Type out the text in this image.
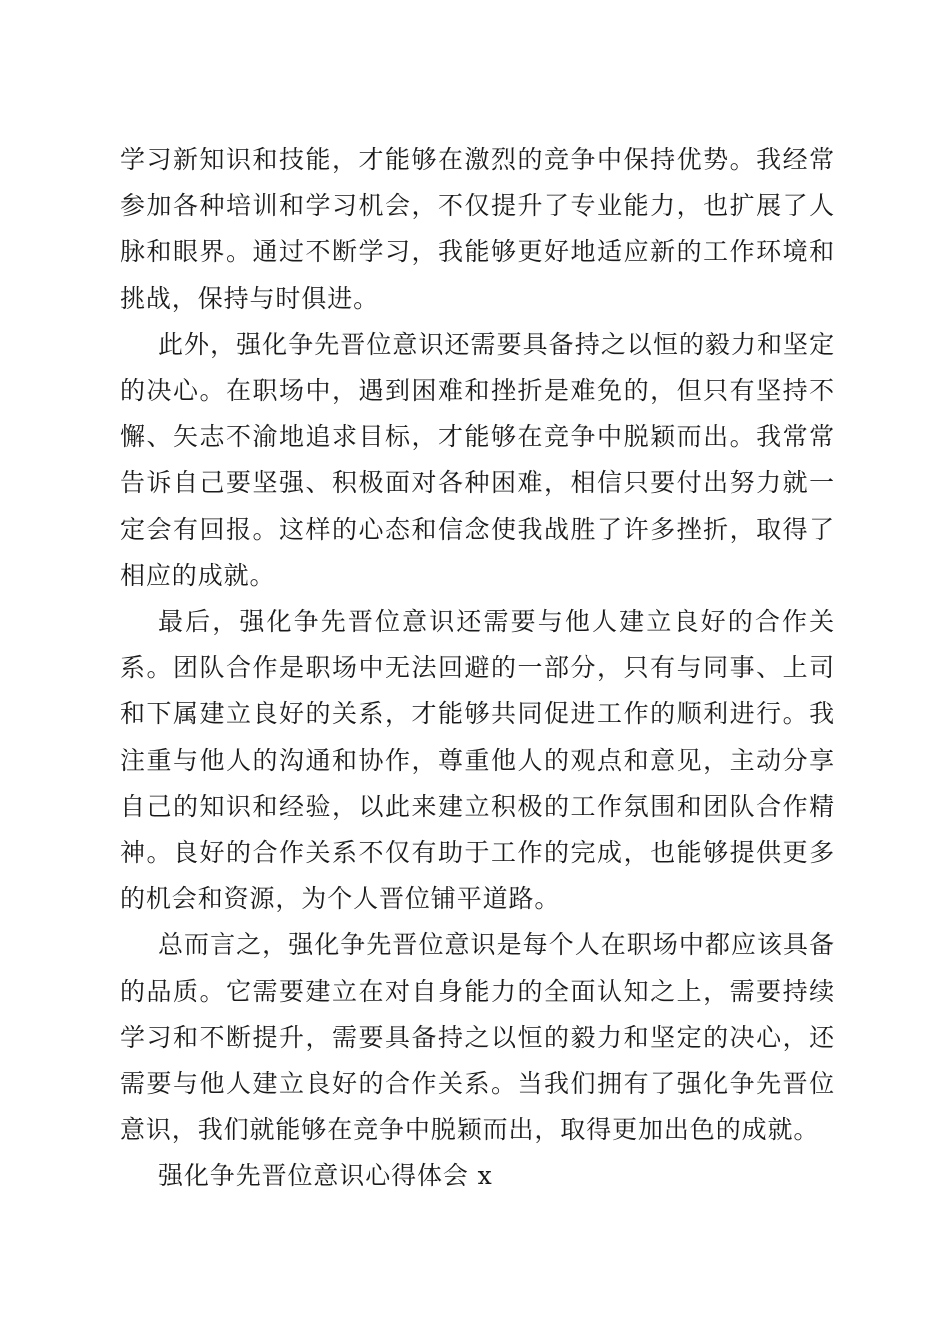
学习新知识和技能，才能够在激烈的竞争中保持优势。我经常参加各种培训和学习机会，不仅提升了专业能力，也扩展了人脉和眼界。通过不断学习，我能够更好地适应新的工作环境和挑战，保持与时俱进。

此外，强化争先晋位意识还需要具备持之以恒的毅力和坚定的决心。在职场中，遇到困难和挫折是难免的，但只有坚持不懈、矢志不渝地追求目标，才能够在竞争中脱颖而出。我常常告诉自己要坚强、积极面对各种困难，相信只要付出努力就一定会有回报。这样的心态和信念使我战胜了许多挫折，取得了相应的成就。

最后，强化争先晋位意识还需要与他人建立良好的合作关系。团队合作是职场中无法回避的一部分，只有与同事、上司和下属建立良好的关系，才能够共同促进工作的顺利进行。我注重与他人的沟通和协作，尊重他人的观点和意见，主动分享自己的知识和经验，以此来建立积极的工作氛围和团队合作精神。良好的合作关系不仅有助于工作的完成，也能够提供更多的机会和资源，为个人晋位铺平道路。

总而言之，强化争先晋位意识是每个人在职场中都应该具备的品质。它需要建立在对自身能力的全面认知之上，需要持续学习和不断提升，需要具备持之以恒的毅力和坚定的决心，还需要与他人建立良好的合作关系。当我们拥有了强化争先晋位意识，我们就能够在竞争中脱颖而出，取得更加出色的成就。

强化争先晋位意识心得体会 x
